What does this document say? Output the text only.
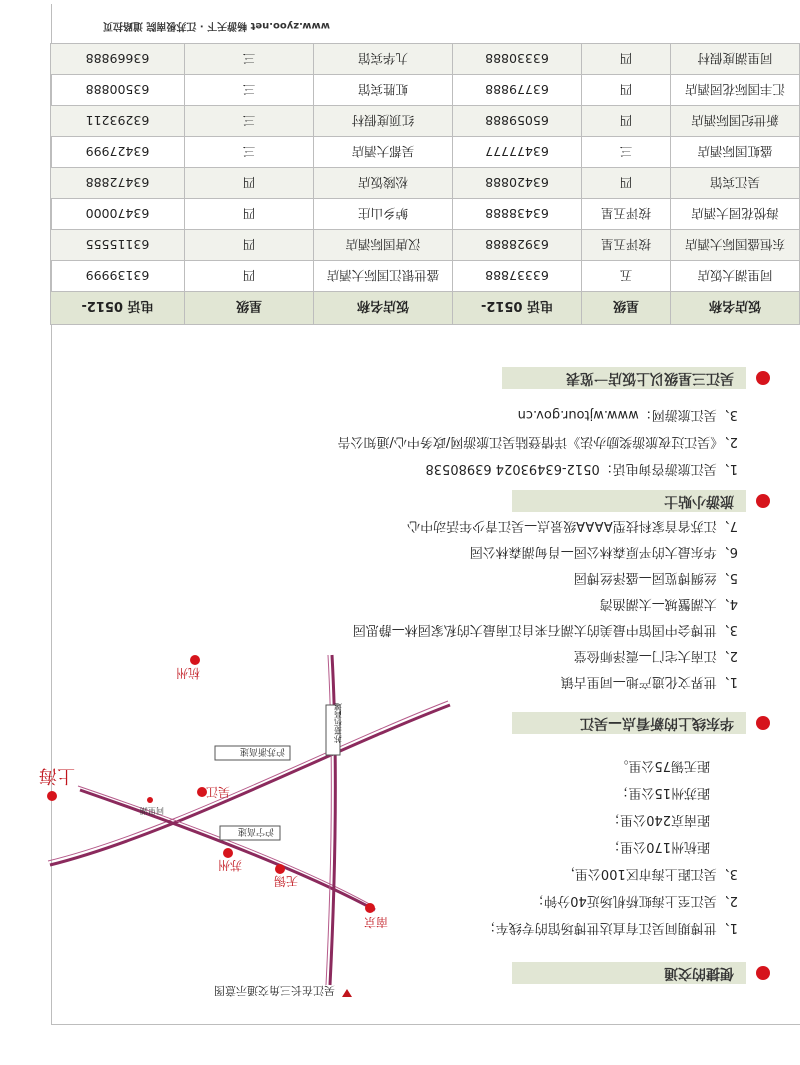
便捷的交通
1、世博期间吴江有直达世博场馆的专线车；
2、吴江至上海虹桥机场近40分钟；
3、吴江距上海市区100公里，
距杭州170公里；
距南京240公里；
距苏州15公里；
距无锡75公里。
吴江在长三角交通示意图
南京
无锡
苏州
吴江
同里湖
上海
杭州
沪宁高速
沪苏浙高速
苏嘉杭高速	华东线上的新看点—吴江
1、世界文化遗产地—同里古镇
2、江南大宅门—震泽师俭堂
3、世博会中国馆中最美的太湖石来自江南最大的私家园林—静思园
4、太湖蟹城—太湖渔湾
5、丝绸博览园—盛泽丝博园
6、华东最大的平原森林公园—肖甸湖森林公园
7、江苏省首家科技型AAAA级景点—吴江青少年活动中心
旅游小贴士
1、吴江旅游咨询电话：0512-63493024 63980538
2、《吴江过夜旅游奖励办法》详情登陆吴江旅游网/政务中心/通知公告
3、吴江旅游网：www.wjtour.gov.cn
吴江三星级以上饭店一览表
饭店名称	星级	电话 0512-	饭店名称	星级	电话 0512-
同里湖大饭店	五	63337888	盛世银江国际大酒店	四	63139999
东恒盛国际大酒店	按评五星	63928888	汉唐国际酒店	四	63115555
海悦花园大酒店	按评五星	63438888	鲈乡山庄	四	63470000
吴江宾馆	四	63420888	松陵饭店	四	63472888
盛虹国际酒店	三	63477777	吴都大酒店	三	63427999
新世纪国际酒店	四	65059888	红顶度假村	三	63293211
汇丰国际花园酒店	四	63779888	虹胜宾馆	三	63500888
同里湖度假村	四	63330888	九华宾馆	三	63669888
www.zyoo.net 畅游天下 · 江苏极南院 道路拉页
